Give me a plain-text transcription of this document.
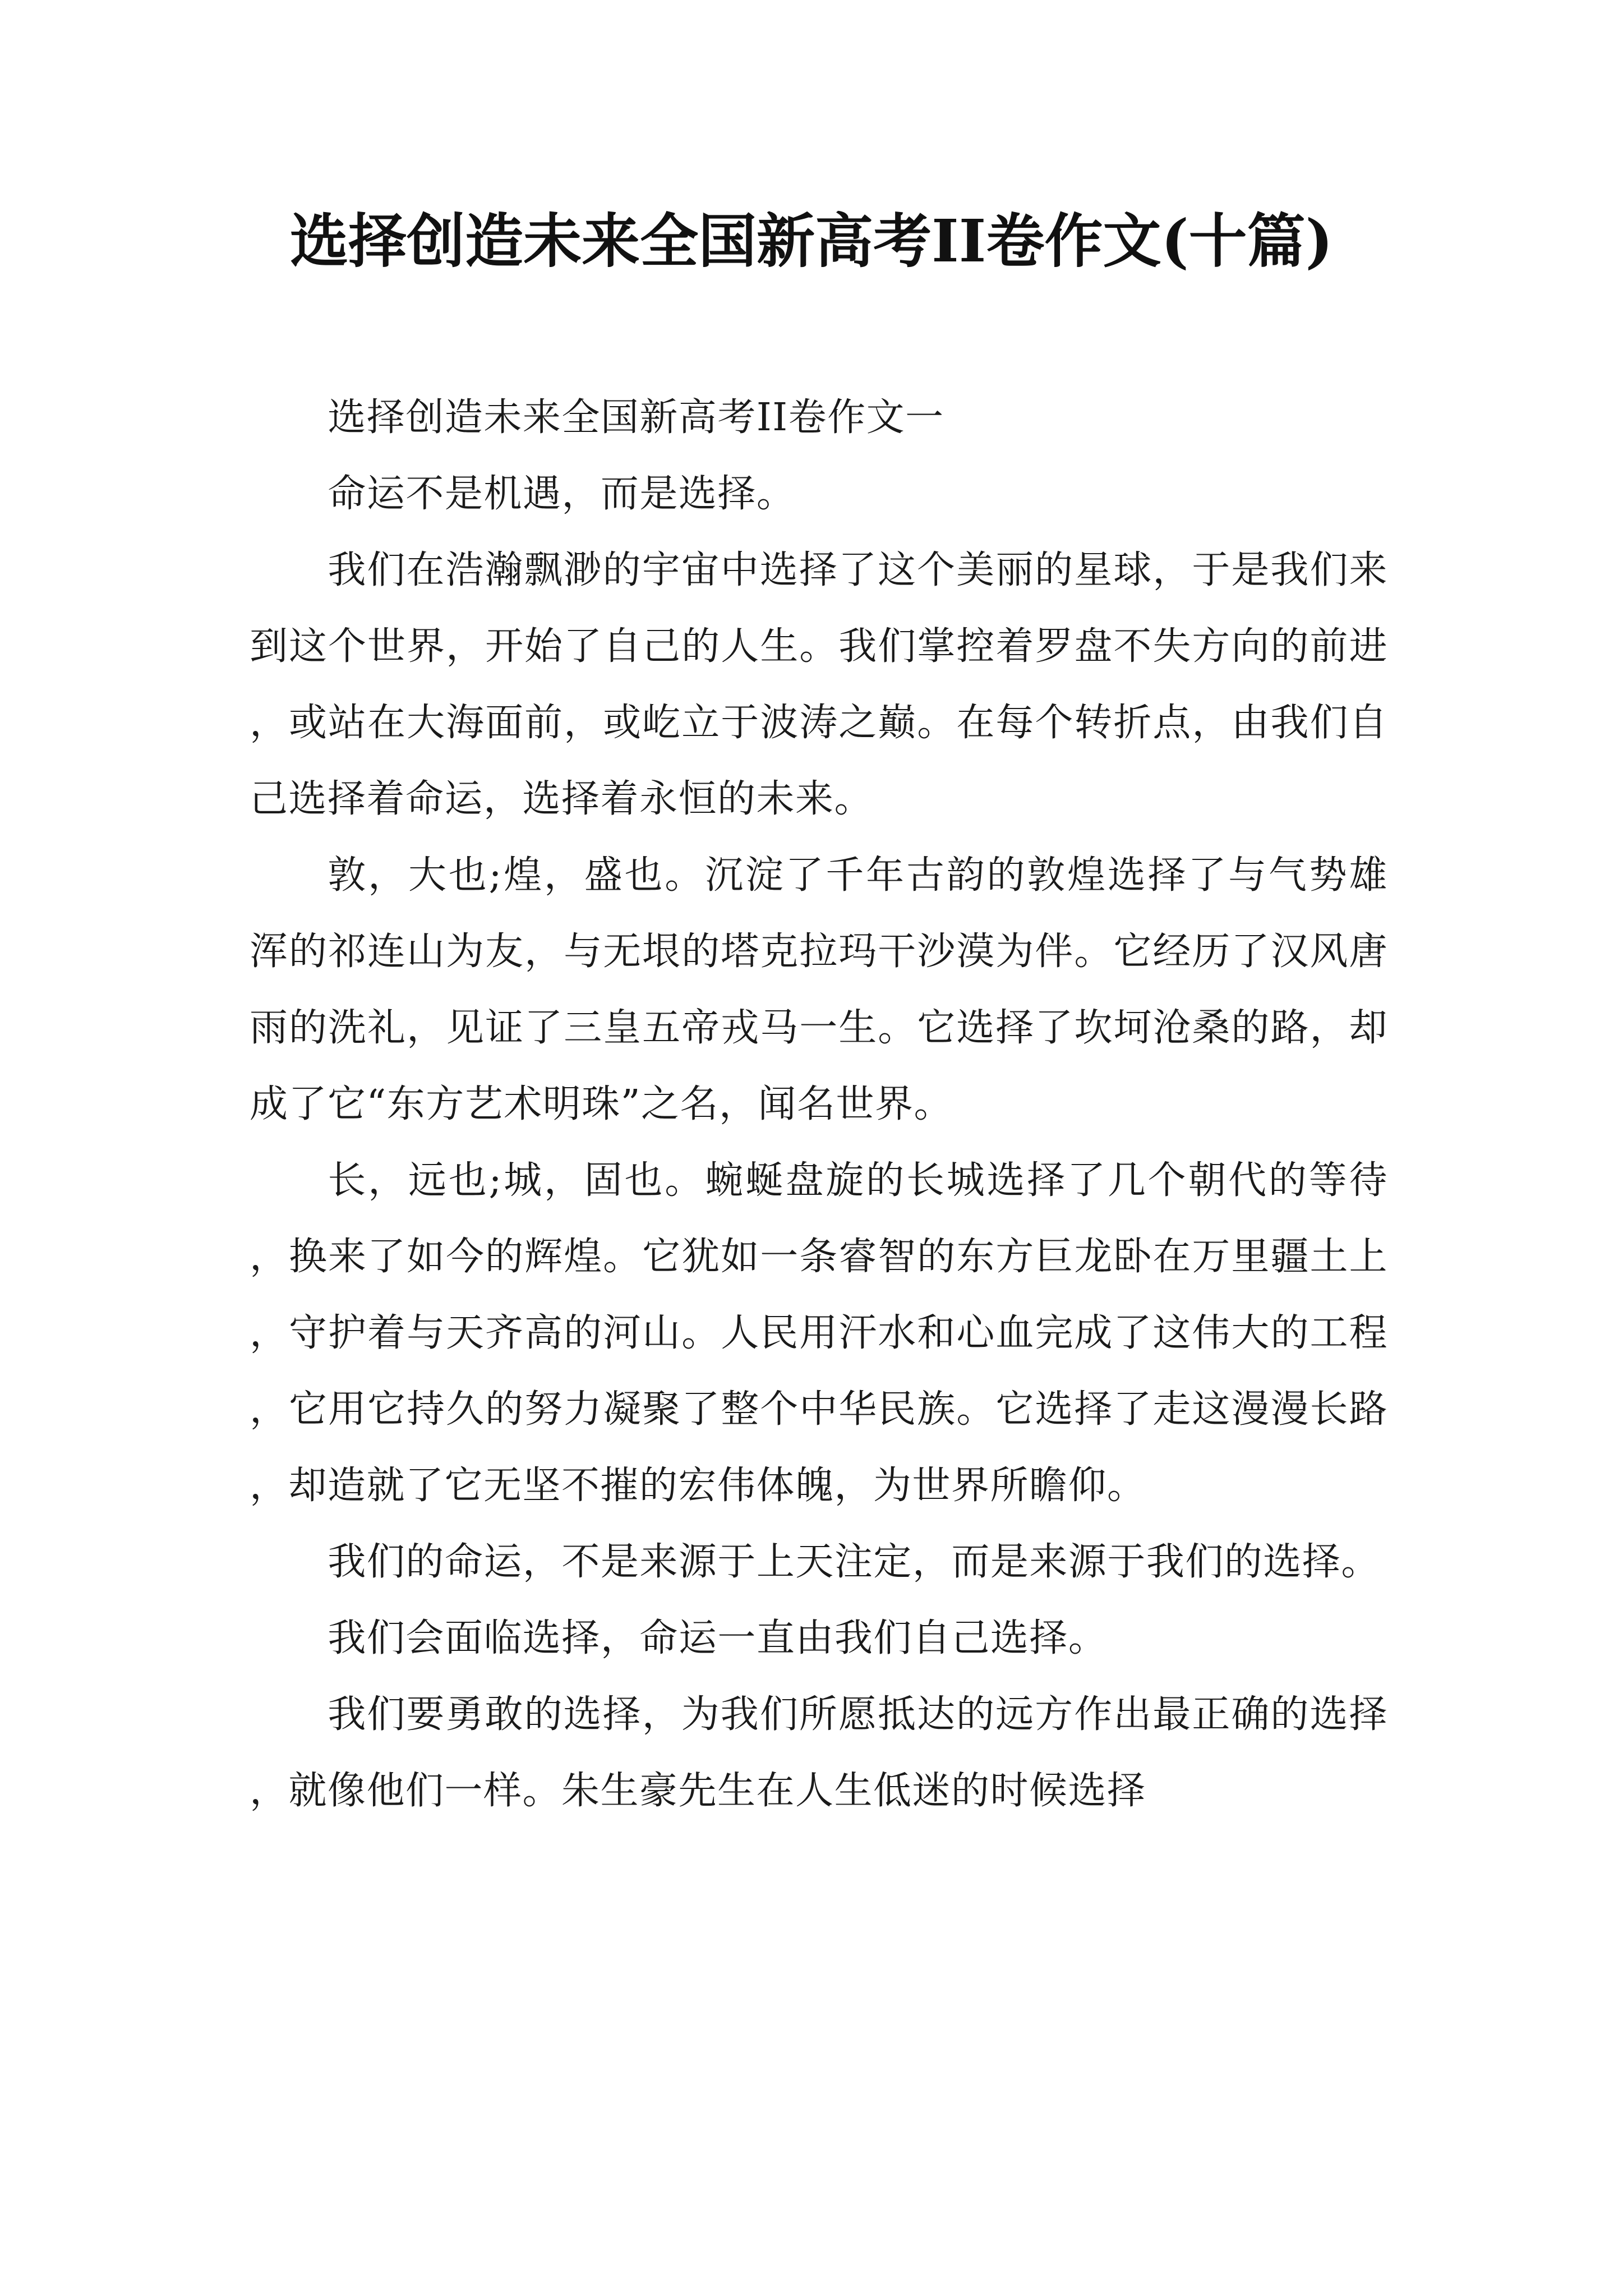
选择创造未来全国新高考II卷作文(十篇)

选择创造未来全国新高考II卷作文一

命运不是机遇，而是选择。

我们在浩瀚飘渺的宇宙中选择了这个美丽的星球，于是我们来到这个世界，开始了自己的人生。我们掌控着罗盘不失方向的前进，或站在大海面前，或屹立于波涛之巅。在每个转折点，由我们自己选择着命运，选择着永恒的未来。

敦，大也;煌，盛也。沉淀了千年古韵的敦煌选择了与气势雄浑的祁连山为友，与无垠的塔克拉玛干沙漠为伴。它经历了汉风唐雨的洗礼，见证了三皇五帝戎马一生。它选择了坎坷沧桑的路，却成了它“东方艺术明珠”之名，闻名世界。

长，远也;城，固也。蜿蜒盘旋的长城选择了几个朝代的等待，换来了如今的辉煌。它犹如一条睿智的东方巨龙卧在万里疆土上，守护着与天齐高的河山。人民用汗水和心血完成了这伟大的工程，它用它持久的努力凝聚了整个中华民族。它选择了走这漫漫长路，却造就了它无坚不摧的宏伟体魄，为世界所瞻仰。

我们的命运，不是来源于上天注定，而是来源于我们的选择。

我们会面临选择，命运一直由我们自己选择。

我们要勇敢的选择，为我们所愿抵达的远方作出最正确的选择，就像他们一样。朱生豪先生在人生低迷的时候选择
